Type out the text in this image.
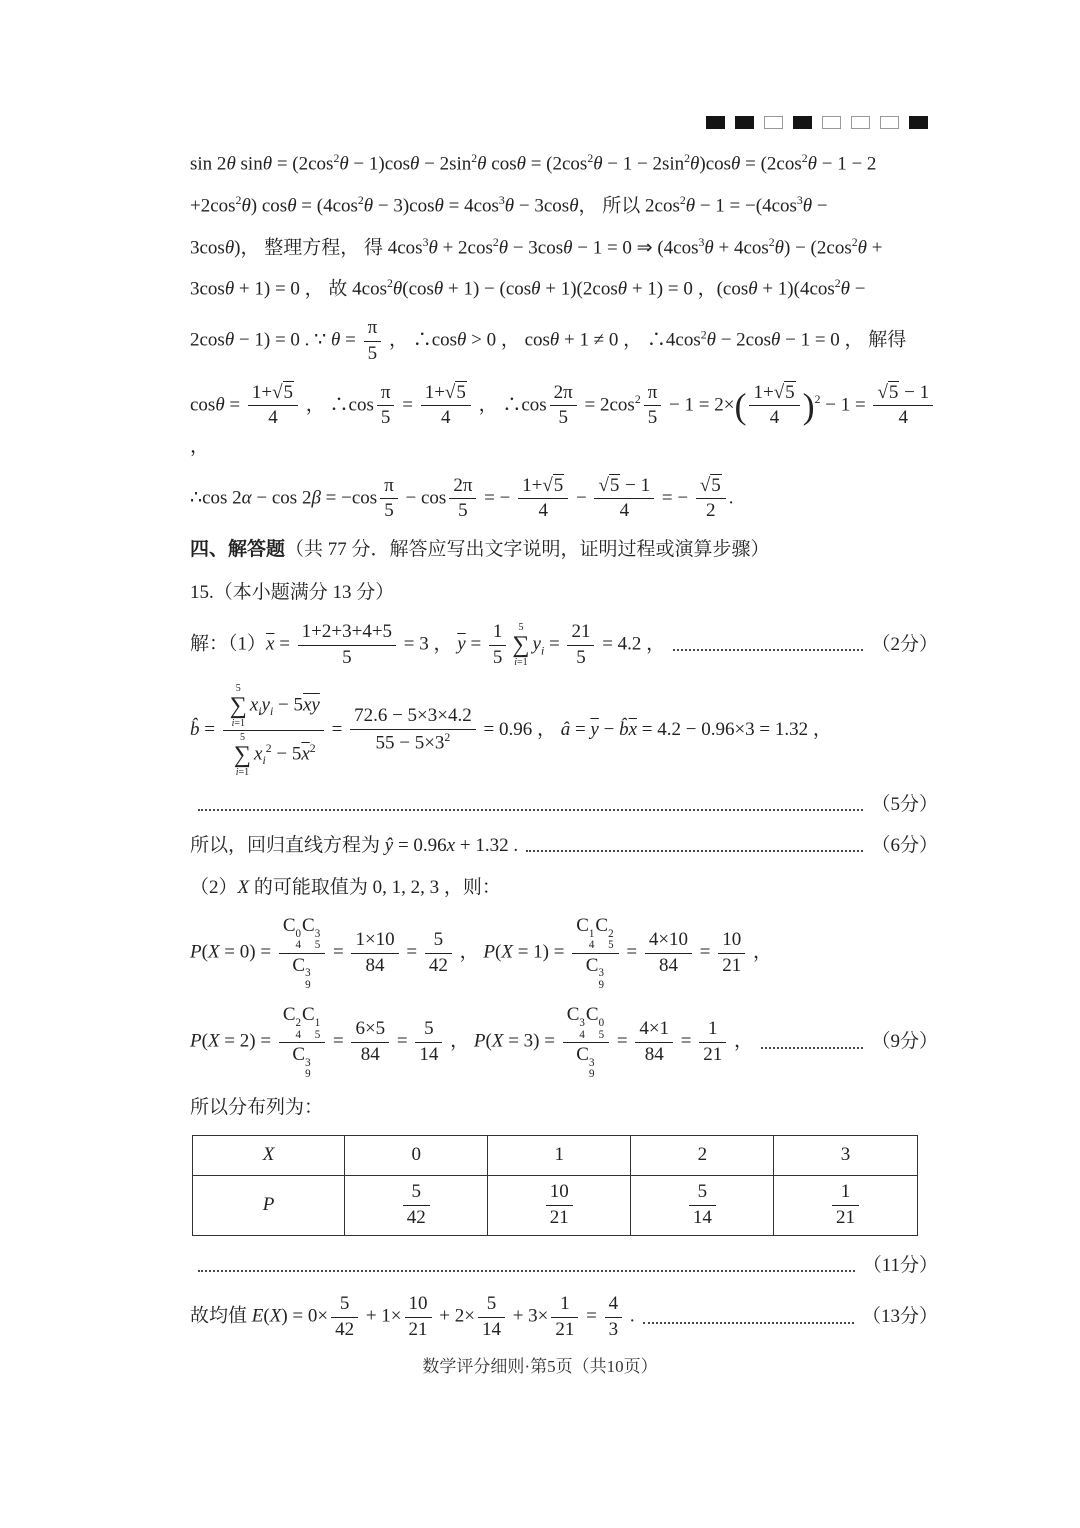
sin 2θ $\sin\theta = (2\cos^2\theta - 1)\cos\theta - 2\sin^2\theta$ $\cos\theta = (2\cos^2\theta - 1 - 2\sin^2\theta)\cos\theta = (2\cos^2\theta - 1 - 2$
$+2\cos^2\theta$) $\cos\theta = (4\cos^2\theta - 3)\cos\theta = 4\cos^3\theta - 3\cos\theta$， 所以 $2\cos^2\theta - 1 = -(4\cos^3\theta$ −
3cosθ)， 整理方程， 得 $4\cos^3\theta + 2\cos^2\theta - 3\cos\theta - 1 = 0$ ⇒ $(4\cos^3\theta + 4\cos^2\theta) - (2\cos^2\theta$ +
3cosθ + 1) = 0 ， 故 $4\cos^2\theta(\cos\theta + 1) - (\cos\theta + 1)(2\cos\theta + 1) = 0$ ，$(\cos\theta + 1)(4\cos^2\theta$ −
2cosθ − 1) = 0 . ∵ $\theta = \frac{\pi}{5}$ ， ∴cosθ > 0 ， cosθ + 1 ≠ 0 ， $\therefore 4\cos^2\theta - 2\cos\theta - 1 = 0$ ， 解得
$\cos\theta = \frac{1+√5}{4}$ ， ∴cos $\frac{\pi}{5} = \frac{1+√5}{4}$ ， ∴cos $\frac{2\pi}{5} = 2\cos^2 \frac{\pi}{5} - 1 = 2\times( \frac{1+√5}{4} )^2 - 1 = \frac{√5 - 1}{4}$
，
∴cos $2\alpha - \cos 2\beta = -\cos \frac{\pi}{5} - \cos \frac{2\pi}{5}$ = − $\frac{1+√5}{4} - \frac{√5 - 1}{4}$ = − $\frac{√5}{2}$ .
四、解答题（共 77 分．解答应写出文字说明，证明过程或演算步骤）
15.（本小题满分 13 分）
解：$(1)\overline{x} = \frac{1+2+3+4+5}{5} = 3$ ， $\overline{y} = \frac{1}{5} 5$
∑
i=1
$y_i = \frac{21}{5} = 4.2$ ，	（2分）
b̂ = 5
∑
i=1
$x_iy_i - 5\overline{x}\overline{y}$
5
∑
i=1
$x_i^2 - 5\overline{x}^2 = \frac{72.6 - 5\times 3\times 4.2}{55 - 5\times 3^2} = 0.96$ ， â = $\overline{y}$ − $b̂\overline{x} = 4.2 - 0.96\times 3 = 1.32$ ，
（5分）
所以，回归直线方程为 ŷ = 0.96x + 1.32 .	（6分）
（2）X 的可能取值为 0, 1, 2, 3 ，则：
P(X = 0) = C 0
4
C 3
5
C 3
$9 = \frac{1\times 10}{84} = \frac{5}{42}$ ， P(X = 1) = C 1
4
C 2
5
C 3
$9 = \frac{4\times 10}{84} = \frac{10}{21}$ ，
P(X = 2) = C 2
4
C 1
5
C 3
$9 = \frac{6\times 5}{84} = \frac{5}{14}$ ， P(X = 3) = C 3
4
C 0
5
C 3
$9 = \frac{4\times 1}{84} = \frac{1}{21}$ ，	（9分）
所以分布列为：
X	0	1	2	3
P	$\frac{5}{42}$	$\frac{10}{21}$	$\frac{5}{14}$	$\frac{1}{21}$
（11分）
故均值 $E(X) = 0\times \frac{5}{42} + 1\times \frac{10}{21} + 2\times \frac{5}{14} + 3\times \frac{1}{21} = \frac{4}{3}$ .	（13分）
数学评分细则·第5页（共10页）
